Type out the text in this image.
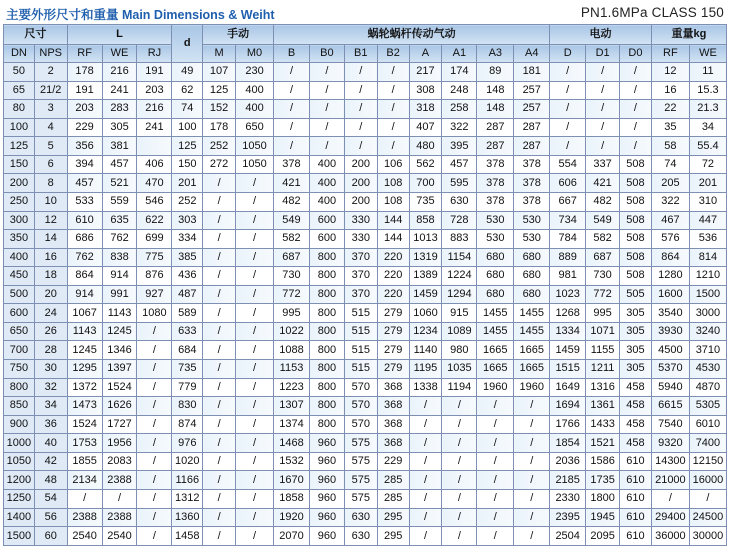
主要外形尺寸和重量 Main Dimensions & Weiht	PN1.6MPa CLASS 150
尺寸		L			d	手动		蜗轮蜗杆传动气动								电动			重量kg	
DN	NPS	RF	WE	RJ		M	M0	B	B0	B1	B2	A	A1	A3	A4	D	D1	D0	RF	WE
50	2	178	216	191	49	107	230	/	/	/	/	217	174	89	181	/	/	/	12	11
65	21/2	191	241	203	62	125	400	/	/	/	/	308	248	148	257	/	/	/	16	15.3
80	3	203	283	216	74	152	400	/	/	/	/	318	258	148	257	/	/	/	22	21.3
100	4	229	305	241	100	178	650	/	/	/	/	407	322	287	287	/	/	/	35	34
125	5	356	381		125	252	1050	/	/	/	/	480	395	287	287	/	/	/	58	55.4
150	6	394	457	406	150	272	1050	378	400	200	106	562	457	378	378	554	337	508	74	72
200	8	457	521	470	201	/	/	421	400	200	108	700	595	378	378	606	421	508	205	201
250	10	533	559	546	252	/	/	482	400	200	108	735	630	378	378	667	482	508	322	310
300	12	610	635	622	303	/	/	549	600	330	144	858	728	530	530	734	549	508	467	447
350	14	686	762	699	334	/	/	582	600	330	144	1013	883	530	530	784	582	508	576	536
400	16	762	838	775	385	/	/	687	800	370	220	1319	1154	680	680	889	687	508	864	814
450	18	864	914	876	436	/	/	730	800	370	220	1389	1224	680	680	981	730	508	1280	1210
500	20	914	991	927	487	/	/	772	800	370	220	1459	1294	680	680	1023	772	505	1600	1500
600	24	1067	1143	1080	589	/	/	995	800	515	279	1060	915	1455	1455	1268	995	305	3540	3000
650	26	1143	1245	/	633	/	/	1022	800	515	279	1234	1089	1455	1455	1334	1071	305	3930	3240
700	28	1245	1346	/	684	/	/	1088	800	515	279	1140	980	1665	1665	1459	1155	305	4500	3710
750	30	1295	1397	/	735	/	/	1153	800	515	279	1195	1035	1665	1665	1515	1211	305	5370	4530
800	32	1372	1524	/	779	/	/	1223	800	570	368	1338	1194	1960	1960	1649	1316	458	5940	4870
850	34	1473	1626	/	830	/	/	1307	800	570	368	/	/	/	/	1694	1361	458	6615	5305
900	36	1524	1727	/	874	/	/	1374	800	570	368	/	/	/	/	1766	1433	458	7540	6010
1000	40	1753	1956	/	976	/	/	1468	960	575	368	/	/	/	/	1854	1521	458	9320	7400
1050	42	1855	2083	/	1020	/	/	1532	960	575	229	/	/	/	/	2036	1586	610	14300	12150
1200	48	2134	2388	/	1166	/	/	1670	960	575	285	/	/	/	/	2185	1735	610	21000	16000
1250	54	/	/	/	1312	/	/	1858	960	575	285	/	/	/	/	2330	1800	610	/	/
1400	56	2388	2388	/	1360	/	/	1920	960	630	295	/	/	/	/	2395	1945	610	29400	24500
1500	60	2540	2540	/	1458	/	/	2070	960	630	295	/	/	/	/	2504	2095	610	36000	30000
